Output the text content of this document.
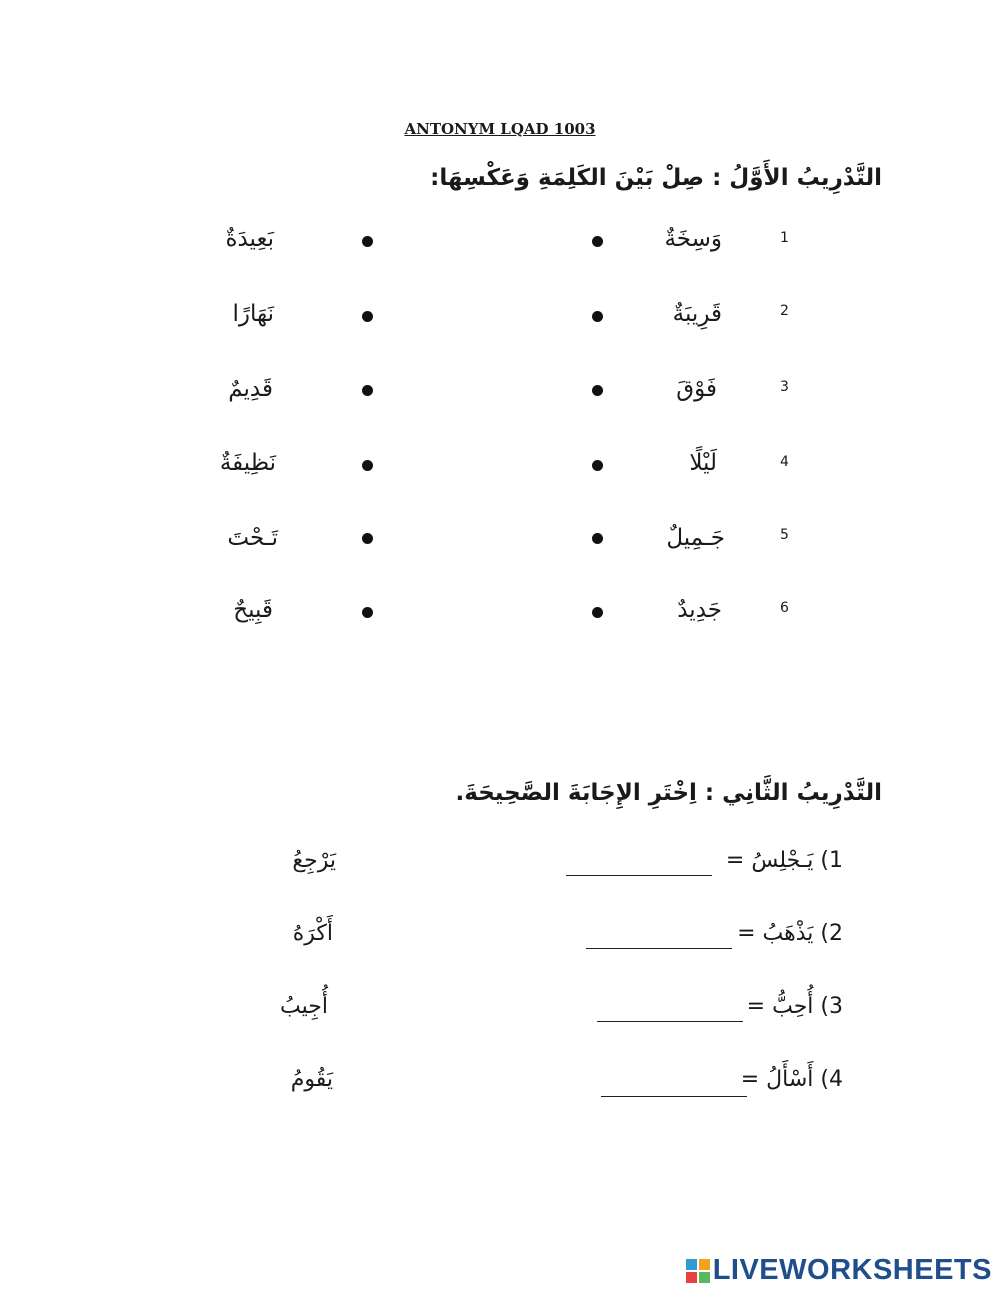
ANTONYM LQAD 1003
التَّدْرِيبُ الأَوَّلُ : صِلْ بَيْنَ الكَلِمَةِ وَعَكْسِهَا:
1
وَسِخَةٌ
بَعِيدَةٌ
2
قَرِيبَةٌ
نَهَارًا
3
فَوْقَ
قَدِيمٌ
4
لَيْلًا
نَظِيفَةٌ
5
جَـمِيلٌ
تَـحْتَ
6
جَدِيدٌ
قَبِيحٌ
التَّدْرِيبُ الثَّانِي : اِخْتَرِ الإِجَابَةَ الصَّحِيحَةَ.
1) يَـجْلِسُ =
يَرْجِعُ
2) يَذْهَبُ =
أَكْرَهُ
3) أُحِبُّ =
أُجِيبُ
4) أَسْأَلُ =
يَقُومُ
LIVEWORKSHEETS
